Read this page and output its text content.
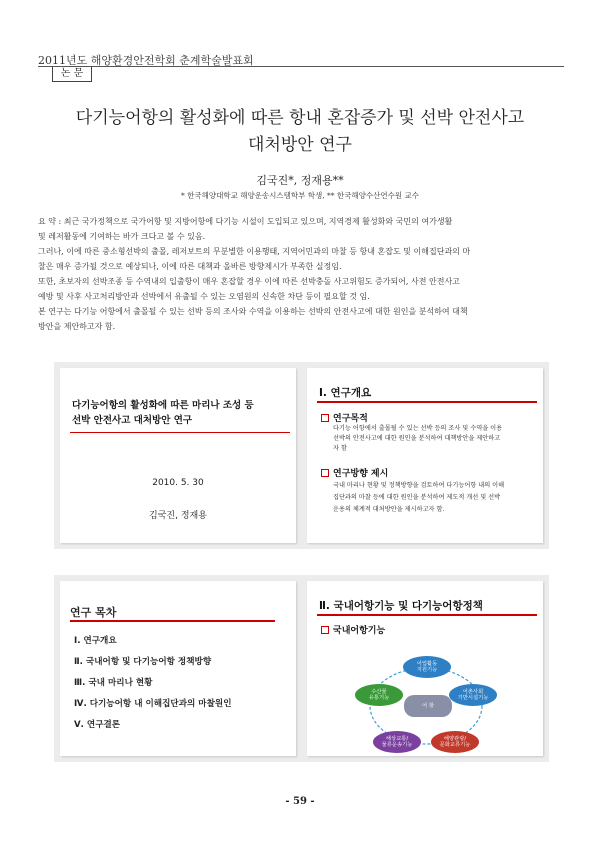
2011년도 해양환경안전학회 춘계학술발표회
논 문
다기능어항의 활성화에 따른 항내 혼잡증가 및 선박 안전사고
대처방안 연구
김국진*, 정재용**
* 한국해양대학교 해양운송시스템학부 학생, ** 한국해양수산연수원 교수

요 약 : 최근 국가정책으로 국가어항 및 지방어항에 다기능 시설이 도입되고 있으며, 지역경제 활성화와 국민의 여가생활

및 레저활동에 기여하는 바가 크다고 볼 수 있음.

그러나, 이에 따른 중소형선박의 출몰, 레저보트의 무분별한 이용행태, 지역어민과의 마찰 등 항내 혼잡도 및 이해집단과의 마

찰은 매우 증가될 것으로 예상되나, 이에 따른 대책과 올바른 방향제시가 부족한 실정임.

또한, 초보자의 선박조종 등 수역내의 입출항이 매우 혼잡할 경우 이에 따른 선박충돌 사고위험도 증가되어, 사전 안전사고

예방 및 사후 사고처리방안과 선박에서 유출될 수 있는 오염원의 신속한 차단 등이 필요할 것 임.

본 연구는 다기능 어항에서 출몰될 수 있는 선박 등의 조사와 수역을 이용하는 선박의 안전사고에 대한 원인을 분석하여 대책

방안을 제안하고자 함.

다기능어항의 활성화에 따른 마리나 조성 등
선박 안전사고 대처방안 연구
2010. 5. 30
김국진, 정재용
Ⅰ. 연구개요
연구목적
다기능 어항에서 출몰될 수 있는 선박 등의 조사 및 수역을 이용
선박의 안전사고에 대한 원인을 분석하여 대책방안을 제안하고
자 함
연구방향 제시
국내 마리나 현황 및 정책방향을 검토하여 다기능어항 내의 이해
집단과의 마찰 등에 대한 원인을 분석하여 제도적 개선 및 선박
운용의 체계적 대처방안을 제시하고자 함.
연구 목차
Ⅰ. 연구개요
Ⅱ. 국내어항 및 다기능어항 정책방향
Ⅲ. 국내 마리나 현황
Ⅳ. 다기능어항 내 이해집단과의 마찰원인
Ⅴ. 연구결론
Ⅱ. 국내어항기능 및 다기능어항정책
국내어항기능
어 항
어업활동
지원기능
어촌사회
기반시설기능
해양관광/
문화교류기능
해상교통/
물류운송기능
수산물
유통기능
- 59 -
